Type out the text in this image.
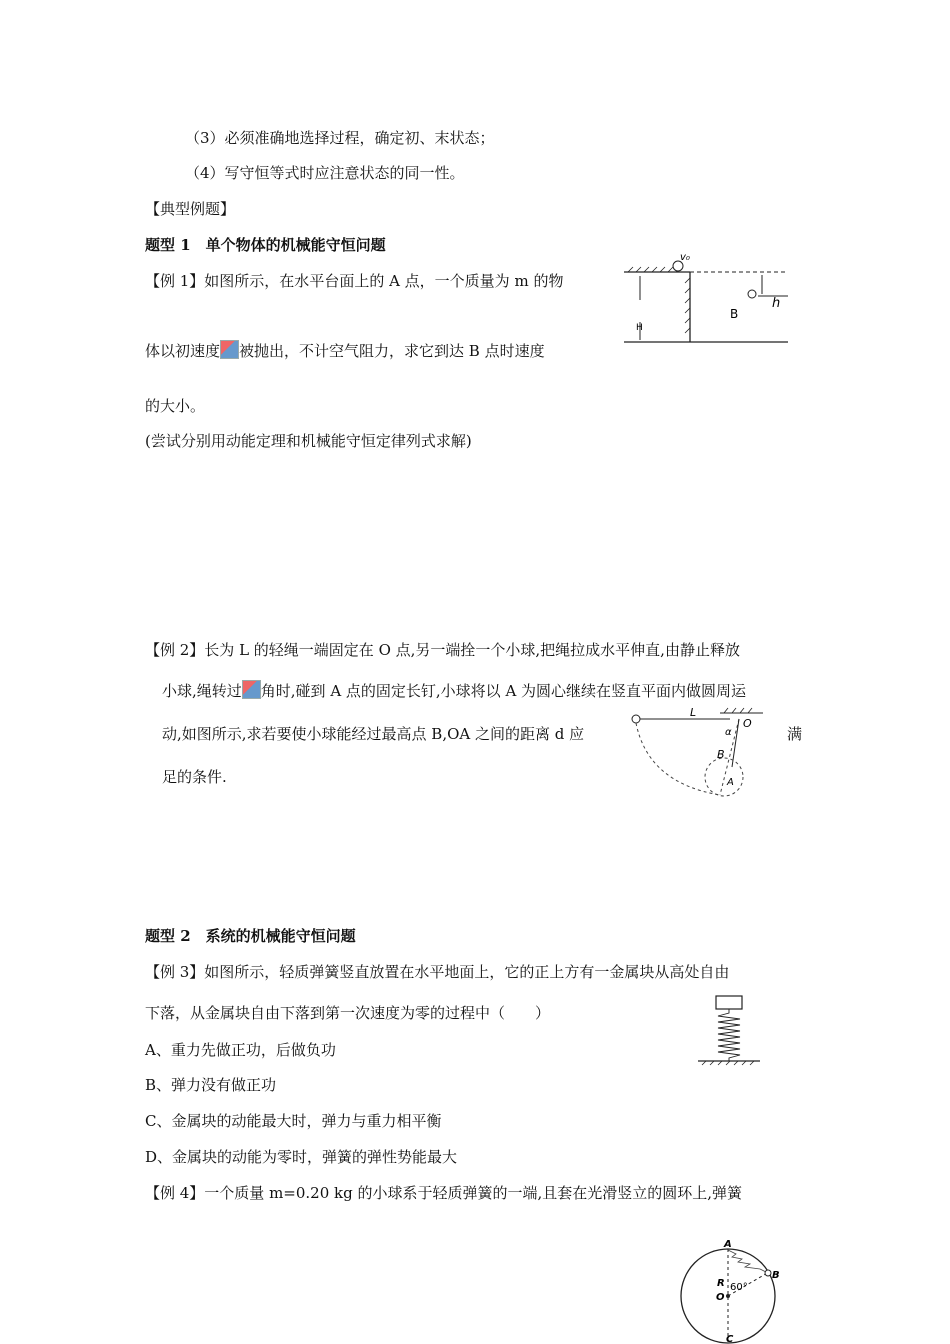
（3）必须准确地选择过程，确定初、末状态；
（4）写守恒等式时应注意状态的同一性。
【典型例题】
题型 1　单个物体的机械能守恒问题
【例 1】如图所示，在水平台面上的 A 点，一个质量为 m 的物
体以初速度 被抛出，不计空气阻力，求它到达 B 点时速度
的大小。
(尝试分别用动能定理和机械能守恒定律列式求解)
【例 2】长为 L 的轻绳一端固定在 O 点,另一端拴一个小球,把绳拉成水平伸直,由静止释放
小球,绳转过 角时,碰到 A 点的固定长钉,小球将以 A 为圆心继续在竖直平面内做圆周运
动,如图所示,求若要使小球能经过最高点 B,OA 之间的距离 d 应	满
足的条件.
题型 2　系统的机械能守恒问题
【例 3】如图所示，轻质弹簧竖直放置在水平地面上，它的正上方有一金属块从高处自由
下落，从金属块自由下落到第一次速度为零的过程中（　　）
A、重力先做正功，后做负功
B、弹力没有做正功
C、金属块的动能最大时，弹力与重力相平衡
D、金属块的动能为零时，弹簧的弹性势能最大
【例 4】一个质量 m=0.20 kg 的小球系于轻质弹簧的一端,且套在光滑竖立的圆环上,弹簧
v₀
H
h
B
L
O
α
B
A
A
B
R 60°
O
C
